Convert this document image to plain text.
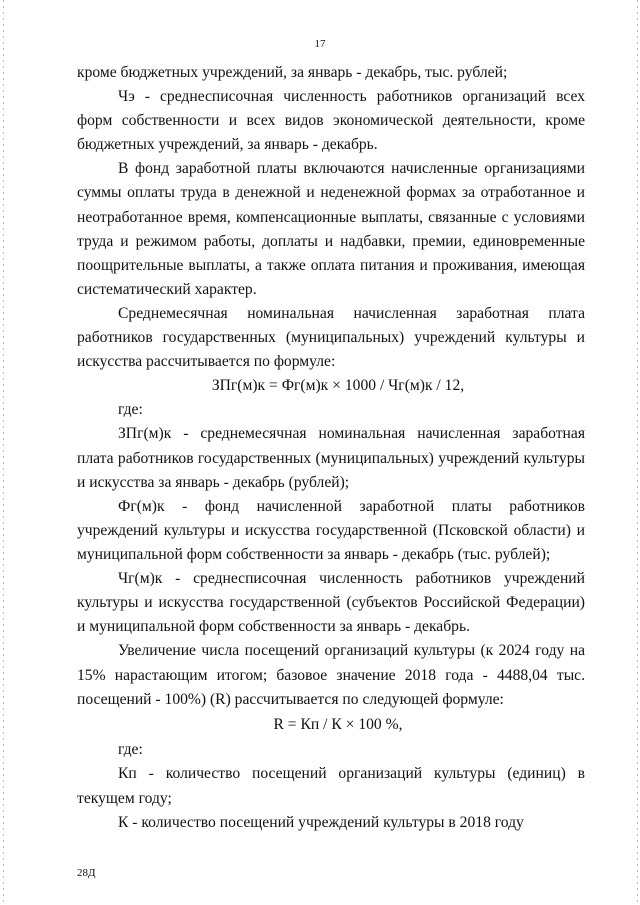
17

кроме бюджетных учреждений, за январь - декабрь, тыс. рублей;

Чэ - среднесписочная численность работников организаций всех форм собственности и всех видов экономической деятельности, кроме бюджетных учреждений, за январь - декабрь.

В фонд заработной платы включаются начисленные организациями суммы оплаты труда в денежной и неденежной формах за отработанное и неотработанное время, компенсационные выплаты, связанные с условиями труда и режимом работы, доплаты и надбавки, премии, единовременные поощрительные выплаты, а также оплата питания и проживания, имеющая систематический характер.

Среднемесячная номинальная начисленная заработная плата работников государственных (муниципальных) учреждений культуры и искусства рассчитывается по формуле:

ЗПг(м)к = Фг(м)к × 1000 / Чг(м)к / 12,

где:

ЗПг(м)к - среднемесячная номинальная начисленная заработная плата работников государственных (муниципальных) учреждений культуры и искусства за январь - декабрь (рублей);

Фг(м)к - фонд начисленной заработной платы работников учреждений культуры и искусства государственной (Псковской области) и муниципальной форм собственности за январь - декабрь (тыс. рублей);

Чг(м)к - среднесписочная численность работников учреждений культуры и искусства государственной (субъектов Российской Федерации) и муниципальной форм собственности за январь - декабрь.

Увеличение числа посещений организаций культуры (к 2024 году на 15% нарастающим итогом; базовое значение 2018 года - 4488,04 тыс. посещений - 100%) (R) рассчитывается по следующей формуле:

R = Кп / К × 100 %,

где:

Кп - количество посещений организаций культуры (единиц) в текущем году;

К - количество посещений учреждений культуры в 2018 году

28Д
